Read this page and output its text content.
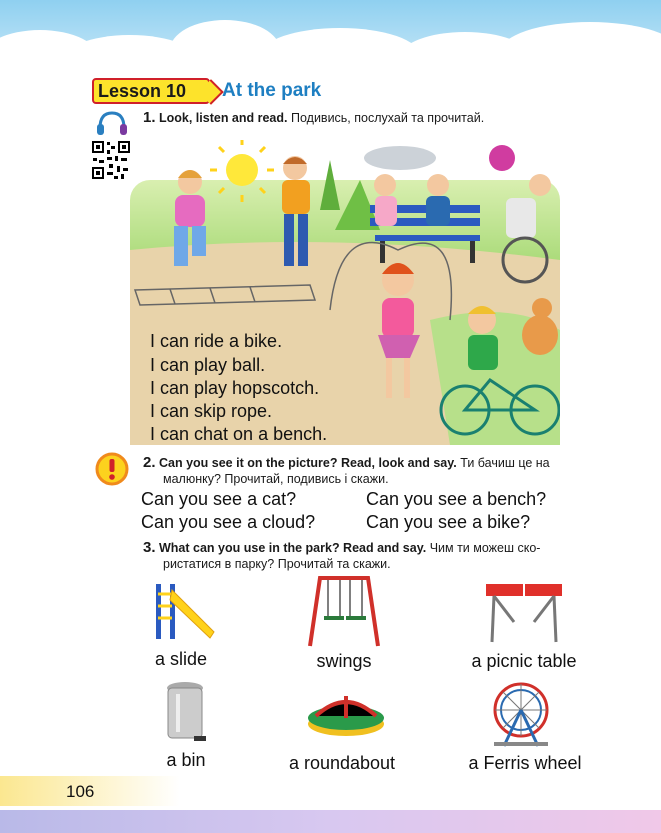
Lesson 10 At the park
1. Look, listen and read. Подивись, послухай та прочитай.
I can ride a bike.
I can play ball.
I can play hopscotch.
I can skip rope.
I can chat on a bench.
2. Can you see it on the picture? Read, look and say. Ти бачиш це на
малюнку? Прочитай, подивись і скажи.
Can you see a cat?	Can you see a bench?
Can you see a cloud?	Can you see a bike?
3. What can you use in the park? Read and say. Чим ти можеш ско-
ристатися в парку? Прочитай та скажи.
a slide	swings	a picnic table
a bin	a roundabout	a Ferris wheel
106
